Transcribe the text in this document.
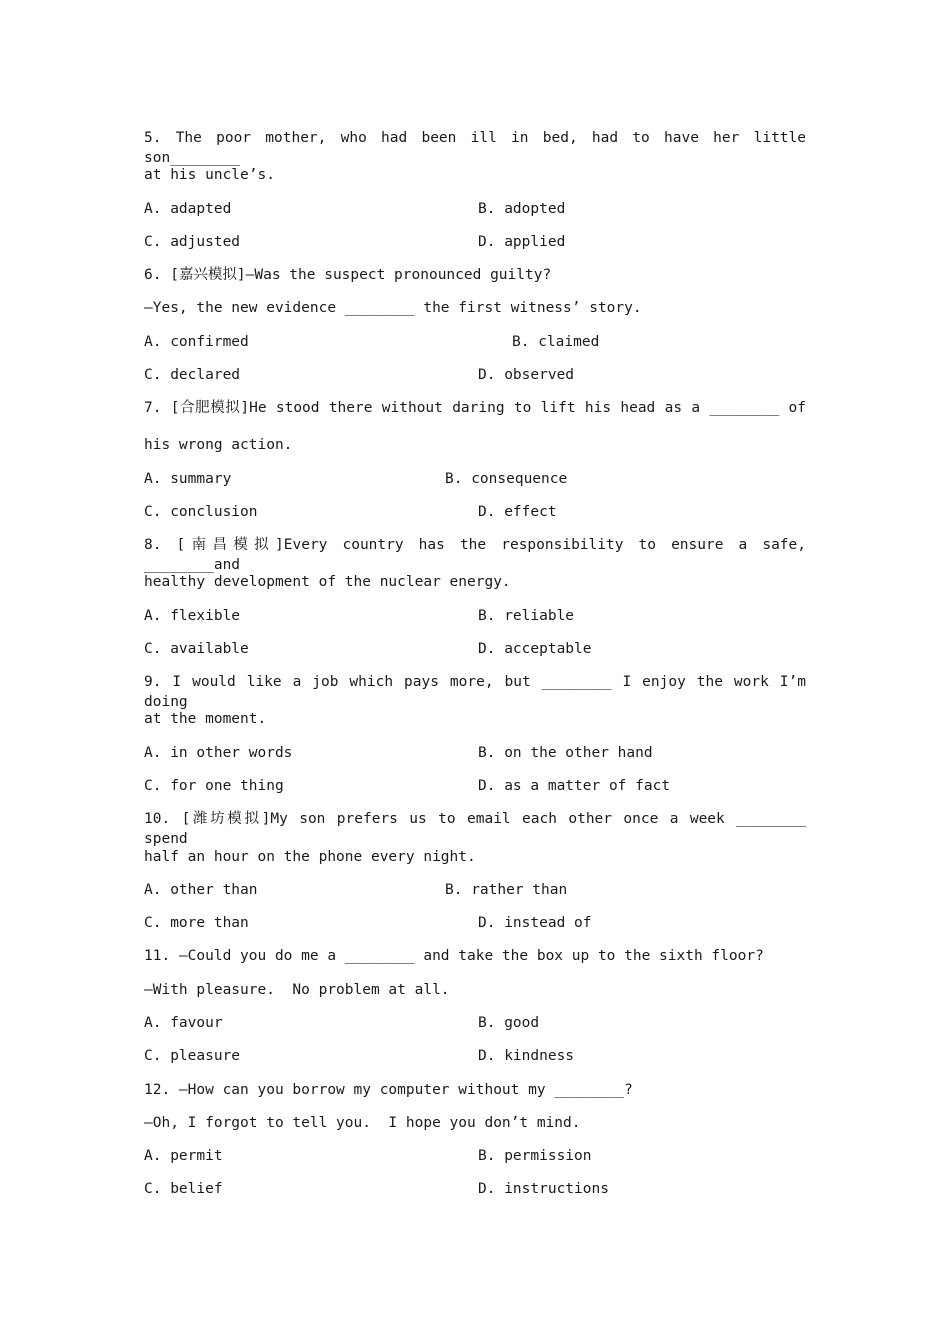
5. The poor mother, who had been ill in bed, had to have her little son________
at his uncle’s.
A. adapted	B. adopted
C. adjusted	D. applied
6. [嘉兴模拟]—Was the suspect pronounced guilty?
—Yes, the new evidence ________ the first witness’ story.
A. confirmed	B. claimed
C. declared	D. observed
7. [合肥模拟]He stood there without daring to lift his head as a ________ of
his wrong action.
A. summary	B. consequence
C. conclusion	D. effect
8. [南昌模拟]Every country has the responsibility to ensure a safe, ________and
healthy development of the nuclear energy.
A. flexible	B. reliable
C. available	D. acceptable
9. I would like a job which pays more, but ________ I enjoy the work I’m doing
at the moment.
A. in other words	B. on the other hand
C. for one thing	D. as a matter of fact
10. [潍坊模拟]My son prefers us to email each other once a week ________ spend
half an hour on the phone every night.
A. other than	B. rather than
C. more than	D. instead of
11. —Could you do me a ________ and take the box up to the sixth floor?
—With pleasure.  No problem at all.
A. favour	B. good
C. pleasure	D. kindness
12. —How can you borrow my computer without my ________?
—Oh, I forgot to tell you.  I hope you don’t mind.
A. permit	B. permission
C. belief	D. instructions
